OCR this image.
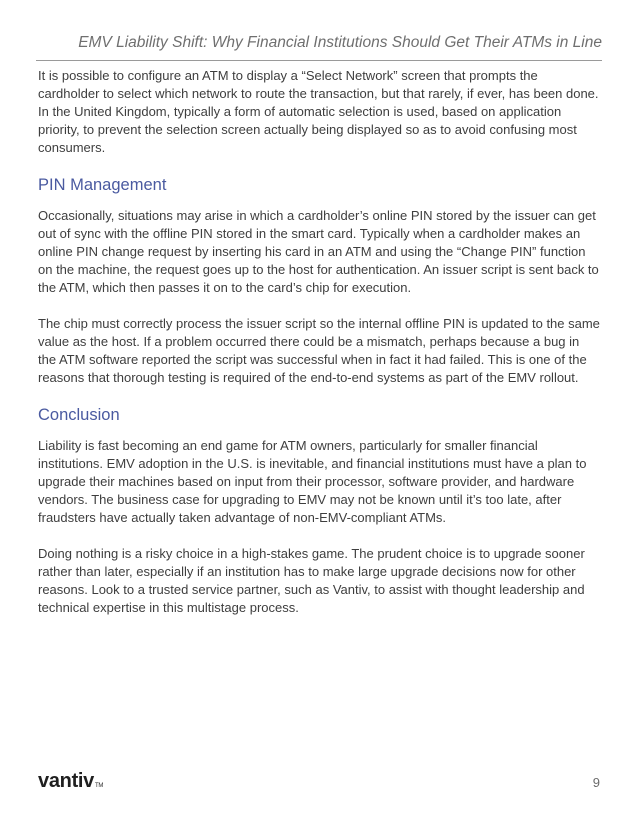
EMV Liability Shift: Why Financial Institutions Should Get Their ATMs in Line

It is possible to configure an ATM to display a “Select Network” screen that prompts the cardholder to select which network to route the transaction, but that rarely, if ever, has been done. In the United Kingdom, typically a form of automatic selection is used, based on application priority, to prevent the selection screen actually being displayed so as to avoid confusing most consumers.

PIN Management

Occasionally, situations may arise in which a cardholder’s online PIN stored by the issuer can get out of sync with the offline PIN stored in the smart card. Typically when a cardholder makes an online PIN change request by inserting his card in an ATM and using the “Change PIN” function on the machine, the request goes up to the host for authentication. An issuer script is sent back to the ATM, which then passes it on to the card’s chip for execution.

The chip must correctly process the issuer script so the internal offline PIN is updated to the same value as the host. If a problem occurred there could be a mismatch, perhaps because a bug in the ATM software reported the script was successful when in fact it had failed. This is one of the reasons that thorough testing is required of the end-to-end systems as part of the EMV rollout.

Conclusion

Liability is fast becoming an end game for ATM owners, particularly for smaller financial institutions. EMV adoption in the U.S. is inevitable, and financial institutions must have a plan to upgrade their machines based on input from their processor, software provider, and hardware vendors. The business case for upgrading to EMV may not be known until it’s too late, after fraudsters have actually taken advantage of non-EMV-compliant ATMs.

Doing nothing is a risky choice in a high-stakes game. The prudent choice is to upgrade sooner rather than later, especially if an institution has to make large upgrade decisions now for other reasons. Look to a trusted service partner, such as Vantiv, to assist with thought leadership and technical expertise in this multistage process.

vantivTM	9
